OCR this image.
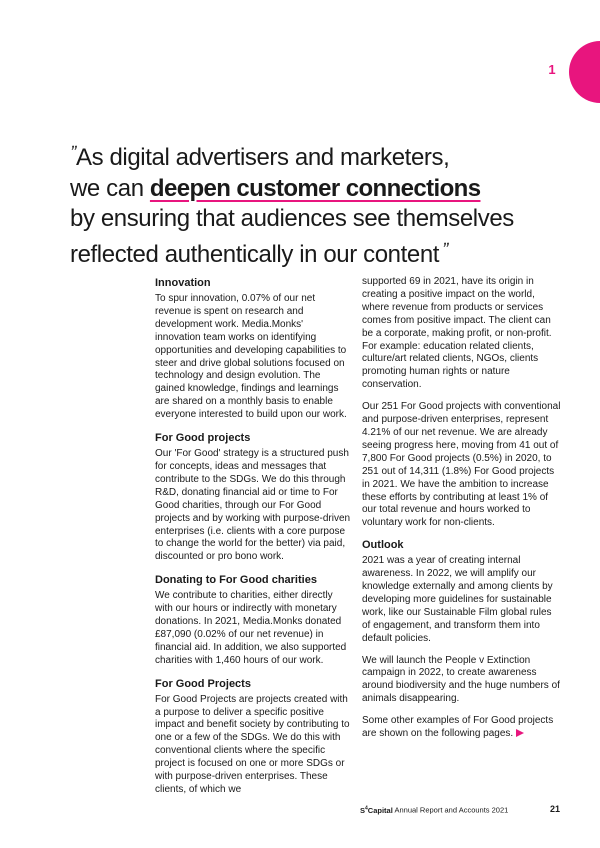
1
$^ˮ$As digital advertisers and marketers,
we can deepen customer connections
by ensuring that audiences see themselves
reflected authentically in our content $^ˮ$
Innovation

To spur innovation, 0.07% of our net revenue is spent on research and development work. Media.Monks' innovation team works on identifying opportunities and developing capabilities to steer and drive global solutions focused on technology and design evolution. The gained knowledge, findings and learnings are shared on a monthly basis to enable everyone interested to build upon our work.

For Good projects

Our 'For Good' strategy is a structured push for concepts, ideas and messages that contribute to the SDGs. We do this through R&D, donating financial aid or time to For Good charities, through our For Good projects and by working with purpose-driven enterprises (i.e. clients with a core purpose to change the world for the better) via paid, discounted or pro bono work.

Donating to For Good charities

We contribute to charities, either directly with our hours or indirectly with monetary donations. In 2021, Media.Monks donated £87,090 (0.02% of our net revenue) in financial aid. In addition, we also supported charities with 1,460 hours of our work.

For Good Projects

For Good Projects are projects created with a purpose to deliver a specific positive impact and benefit society by contributing to one or a few of the SDGs. We do this with conventional clients where the specific project is focused on one or more SDGs or with purpose-driven enterprises. These clients, of which we

supported 69 in 2021, have its origin in creating a positive impact on the world, where revenue from products or services comes from positive impact. The client can be a corporate, making profit, or non-profit. For example: education related clients, culture/art related clients, NGOs, clients promoting human rights or nature conservation.

Our 251 For Good projects with conventional and purpose-driven enterprises, represent 4.21% of our net revenue. We are already seeing progress here, moving from 41 out of 7,800 For Good projects (0.5%) in 2020, to 251 out of 14,311 (1.8%) For Good projects in 2021. We have the ambition to increase these efforts by contributing at least 1% of our total revenue and hours worked to voluntary work for non-clients.

Outlook

2021 was a year of creating internal awareness. In 2022, we will amplify our knowledge externally and among clients by developing more guidelines for sustainable work, like our Sustainable Film global rules of engagement, and transform them into default policies.

We will launch the People v Extinction campaign in 2022, to create awareness around biodiversity and the huge numbers of animals disappearing.

Some other examples of For Good projects are shown on the following pages.

$S^4Capital$ Annual Report and Accounts 2021	21
